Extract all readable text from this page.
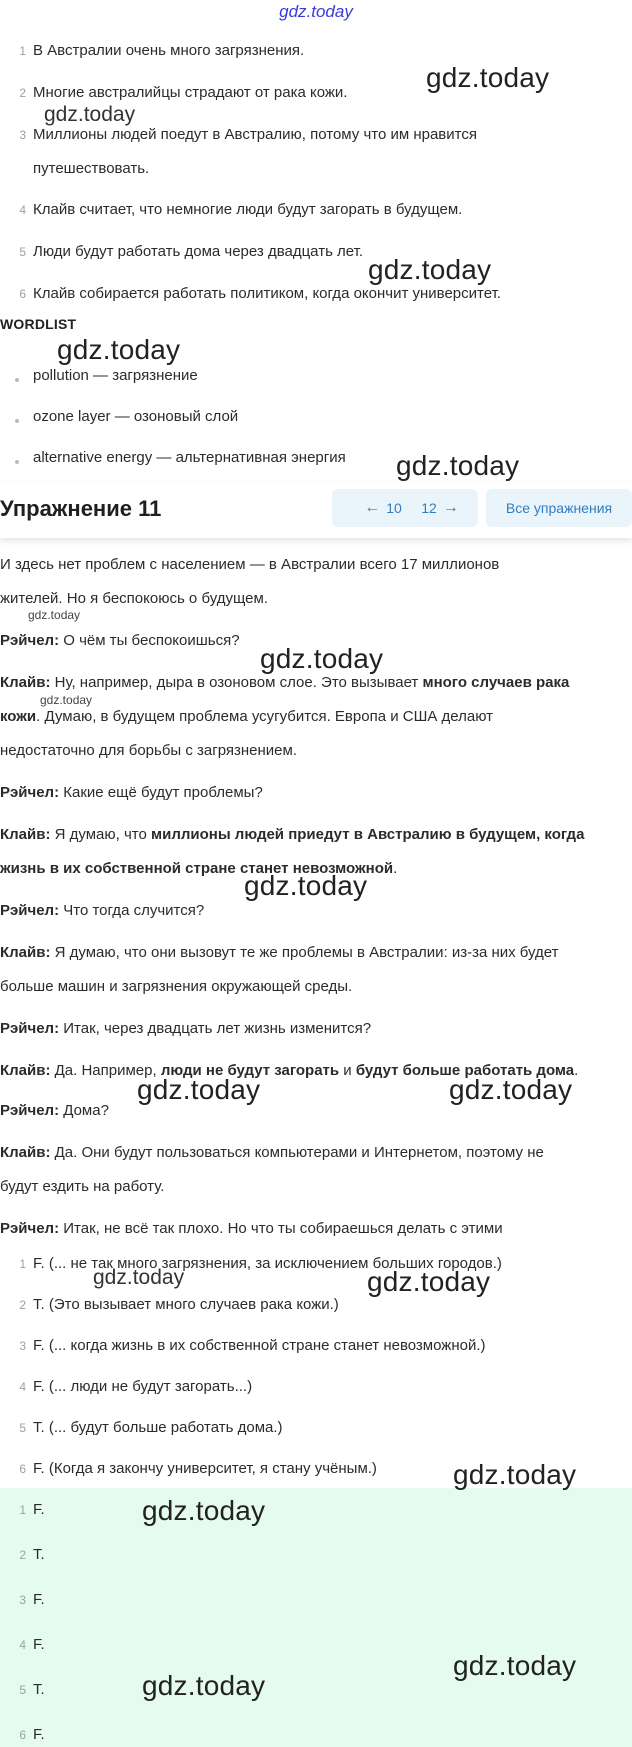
gdz.today
1 В Австралии очень много загрязнения.
2 Многие австралийцы страдают от рака кожи.
3 Миллионы людей поедут в Австралию, потому что им нравится
путешествовать.
4 Клайв считает, что немногие люди будут загорать в будущем.
5 Люди будут работать дома через двадцать лет.
6 Клайв собирается работать политиком, когда окончит университет.
WORDLIST
pollution — загрязнение
ozone layer — озоновый слой
alternative energy — альтернативная энергия
И здесь нет проблем с населением — в Австралии всего 17 миллионов
жителей. Но я беспокоюсь о будущем.
Рэйчел: О чём ты беспокоишься?
Клайв: Ну, например, дыра в озоновом слое. Это вызывает много случаев рака
кожи. Думаю, в будущем проблема усугубится. Европа и США делают
недостаточно для борьбы с загрязнением.
Рэйчел: Какие ещё будут проблемы?
Клайв: Я думаю, что миллионы людей приедут в Австралию в будущем, когда
жизнь в их собственной стране станет невозможной.
Рэйчел: Что тогда случится?
Клайв: Я думаю, что они вызовут те же проблемы в Австралии: из-за них будет
больше машин и загрязнения окружающей среды.
Рэйчел: Итак, через двадцать лет жизнь изменится?
Клайв: Да. Например, люди не будут загорать и будут больше работать дома.
Рэйчел: Дома?
Клайв: Да. Они будут пользоваться компьютерами и Интернетом, поэтому не
будут ездить на работу.
Рэйчел: Итак, не всё так плохо. Но что ты собираешься делать с этими
1 F. (... не так много загрязнения, за исключением больших городов.)
2 T. (Это вызывает много случаев рака кожи.)
3 F. (... когда жизнь в их собственной стране станет невозможной.)
4 F. (... люди не будут загорать...)
5 T. (... будут больше работать дома.)
6 F. (Когда я закончу университет, я стану учёным.)
1 F.
2 T.
3 F.
4 F.
5 T.
6 F.
Упражнение 11	← 10 12 →	Все упражнения
gdz.today
gdz.today
gdz.today
gdz.today
gdz.today
gdz.today
gdz.today
gdz.today
gdz.today
gdz.today	gdz.today
gdz.today	gdz.today
gdz.today
gdz.today
gdz.today
gdz.today
